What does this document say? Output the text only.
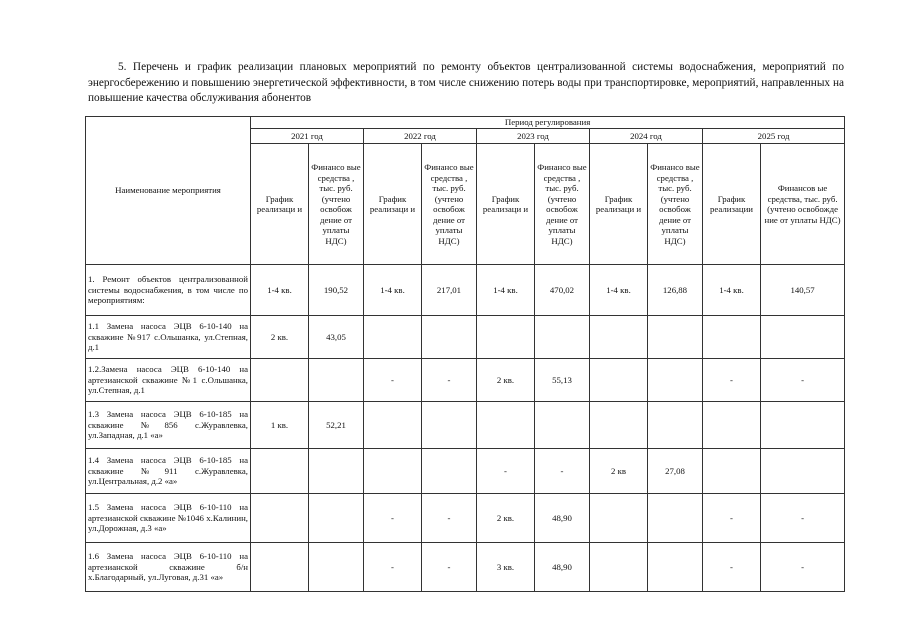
5. Перечень и график реализации плановых мероприятий по ремонту объектов централизованной системы водоснабжения, мероприятий по энергосбережению и повышению энергетической эффективности, в том числе снижению потерь воды при транспортировке, мероприятий, направленных на повышение качества обслуживания абонентов
Наименование мероприятия	Период регулирования									
	2021 год		2022 год		2023 год		2024 год		2025 год	
	График реализаци и	Финансо вые средства , тыс. руб. (учтено освобож дение от уплаты НДС)	График реализаци и	Финансо вые средства , тыс. руб. (учтено освобож дение от уплаты НДС)	График реализаци и	Финансо вые средства , тыс. руб. (учтено освобож дение от уплаты НДС)	График реализаци и	Финансо вые средства , тыс. руб. (учтено освобож дение от уплаты НДС)	График реализации	Финансов ые средства, тыс. руб. (учтено освобожде ние от уплаты НДС)
1. Ремонт объектов централизованной системы водоснабжения, в том числе по мероприятиям:	1-4 кв.	190,52	1-4 кв.	217,01	1-4 кв.	470,02	1-4 кв.	126,88	1-4 кв.	140,57
1.1 Замена насоса ЭЦВ 6-10-140 на скважине №917 с.Ольшанка, ул.Степная, д.1	2 кв.	43,05								
1.2.Замена насоса ЭЦВ 6-10-140 на артезианской скважине №1 с.Ольшанка, ул.Степная, д.1			-	-	2 кв.	55,13			-	-
1.3 Замена насоса ЭЦВ 6-10-185 на скважине №856 с.Журавлевка, ул.Западная, д.1 «а»	1 кв.	52,21								
1.4 Замена насоса ЭЦВ 6-10-185 на скважине №911 с.Журавлевка, ул.Центральная, д.2 «а»					-	-	2 кв	27,08		
1.5 Замена насоса ЭЦВ 6-10-110 на артезианской скважине №1046 х.Калинин, ул.Дорожная, д.3 «а»			-	-	2 кв.	48,90			-	-
1.6 Замена насоса ЭЦВ 6-10-110 на артезианской скважине б/н х.Благодарный, ул.Луговая, д.31 «а»			-	-	3 кв.	48,90			-	-
